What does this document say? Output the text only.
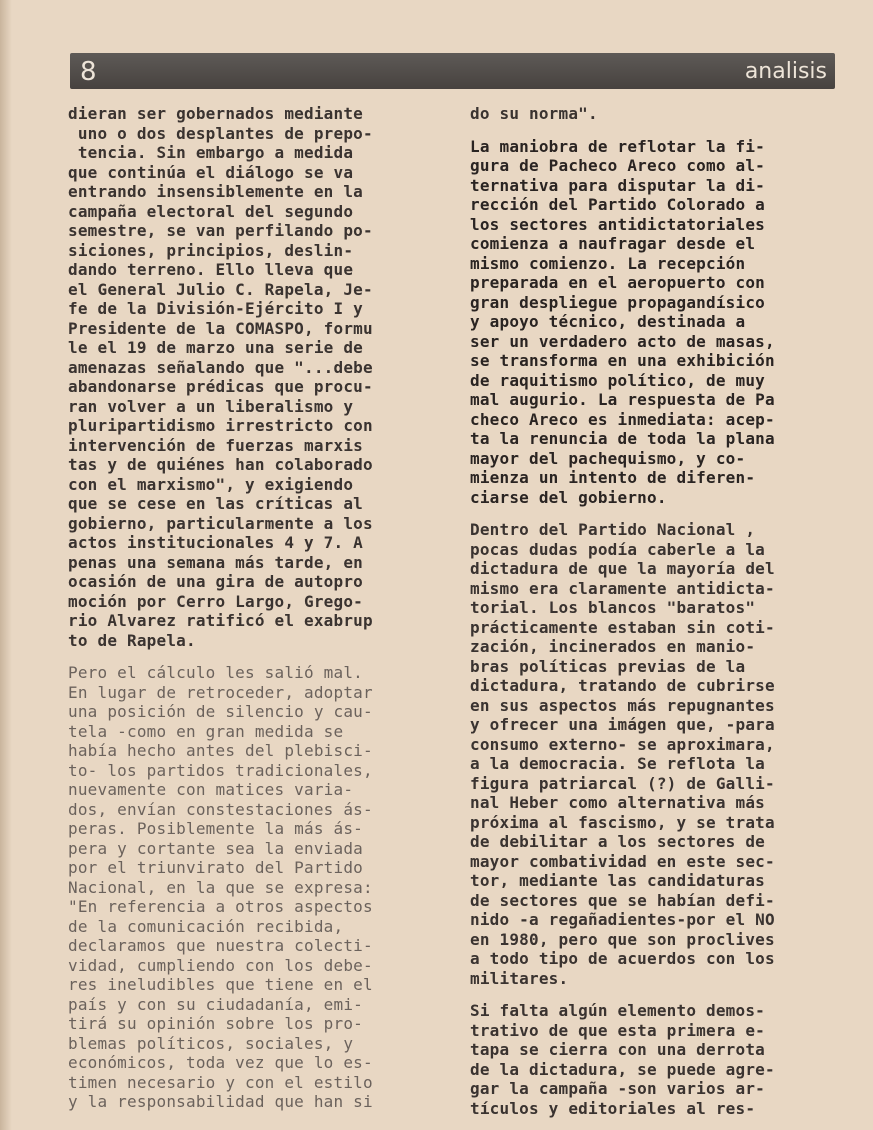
8	analisis

dieran ser gobernados mediante
uno o dos desplantes de prepo-
tencia. Sin embargo a medida
que continúa el diálogo se va
entrando insensiblemente en la
campaña electoral del segundo
semestre, se van perfilando po-
siciones, principios, deslin-
dando terreno. Ello lleva que
el General Julio C. Rapela, Je-
fe de la División-Ejército I y
Presidente de la COMASPO, formu
le el 19 de marzo una serie de
amenazas señalando que "...debe
abandonarse prédicas que procu-
ran volver a un liberalismo y
pluripartidismo irrestricto con
intervención de fuerzas marxis
tas y de quiénes han colaborado
con el marxismo", y exigiendo
que se cese en las críticas al
gobierno, particularmente a los
actos institucionales 4 y 7. A
penas una semana más tarde, en
ocasión de una gira de autopro
moción por Cerro Largo, Grego-
rio Alvarez ratificó el exabrup
to de Rapela.

Pero el cálculo les salió mal.
En lugar de retroceder, adoptar
una posición de silencio y cau-
tela -como en gran medida se
había hecho antes del plebisci-
to- los partidos tradicionales,
nuevamente con matices varia-
dos, envían constestaciones ás-
peras. Posiblemente la más ás-
pera y cortante sea la enviada
por el triunvirato del Partido
Nacional, en la que se expresa:
"En referencia a otros aspectos
de la comunicación recibida,
declaramos que nuestra colecti-
vidad, cumpliendo con los debe-
res ineludibles que tiene en el
país y con su ciudadanía, emi-
tirá su opinión sobre los pro-
blemas políticos, sociales, y
económicos, toda vez que lo es-
timen necesario y con el estilo
y la responsabilidad que han si

do su norma".

La maniobra de reflotar la fi-
gura de Pacheco Areco como al-
ternativa para disputar la di-
rección del Partido Colorado a
los sectores antidictatoriales
comienza a naufragar desde el
mismo comienzo. La recepción
preparada en el aeropuerto con
gran despliegue propagandísico
y apoyo técnico, destinada a
ser un verdadero acto de masas,
se transforma en una exhibición
de raquitismo político, de muy
mal augurio. La respuesta de Pa
checo Areco es inmediata: acep-
ta la renuncia de toda la plana
mayor del pachequismo, y co-
mienza un intento de diferen-
ciarse del gobierno.

Dentro del Partido Nacional ,
pocas dudas podía caberle a la
dictadura de que la mayoría del
mismo era claramente antidicta-
torial. Los blancos "baratos"
prácticamente estaban sin coti-
zación, incinerados en manio-
bras políticas previas de la
dictadura, tratando de cubrirse
en sus aspectos más repugnantes
y ofrecer una imágen que, -para
consumo externo- se aproximara,
a la democracia. Se reflota la
figura patriarcal (?) de Galli-
nal Heber como alternativa más
próxima al fascismo, y se trata
de debilitar a los sectores de
mayor combatividad en este sec-
tor, mediante las candidaturas
de sectores que se habían defi-
nido -a regañadientes-por el NO
en 1980, pero que son proclives
a todo tipo de acuerdos con los
militares.

Si falta algún elemento demos-
trativo de que esta primera e-
tapa se cierra con una derrota
de la dictadura, se puede agre-
gar la campaña -son varios ar-
tículos y editoriales al res-
